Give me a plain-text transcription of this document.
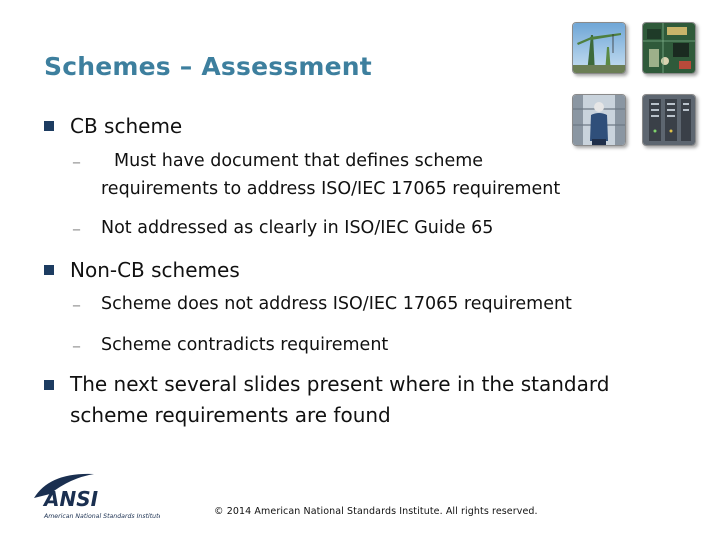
Schemes – Assessment
CB scheme
– Must have document that defines scheme
requirements to address ISO/IEC 17065 requirement
– Not addressed as clearly in ISO/IEC Guide 65
Non-CB schemes
– Scheme does not address ISO/IEC 17065 requirement
– Scheme contradicts requirement
The next several slides present where in the standard
scheme requirements are found
ANSI
American National Standards Institute	© 2014 American National Standards Institute. All rights reserved.
